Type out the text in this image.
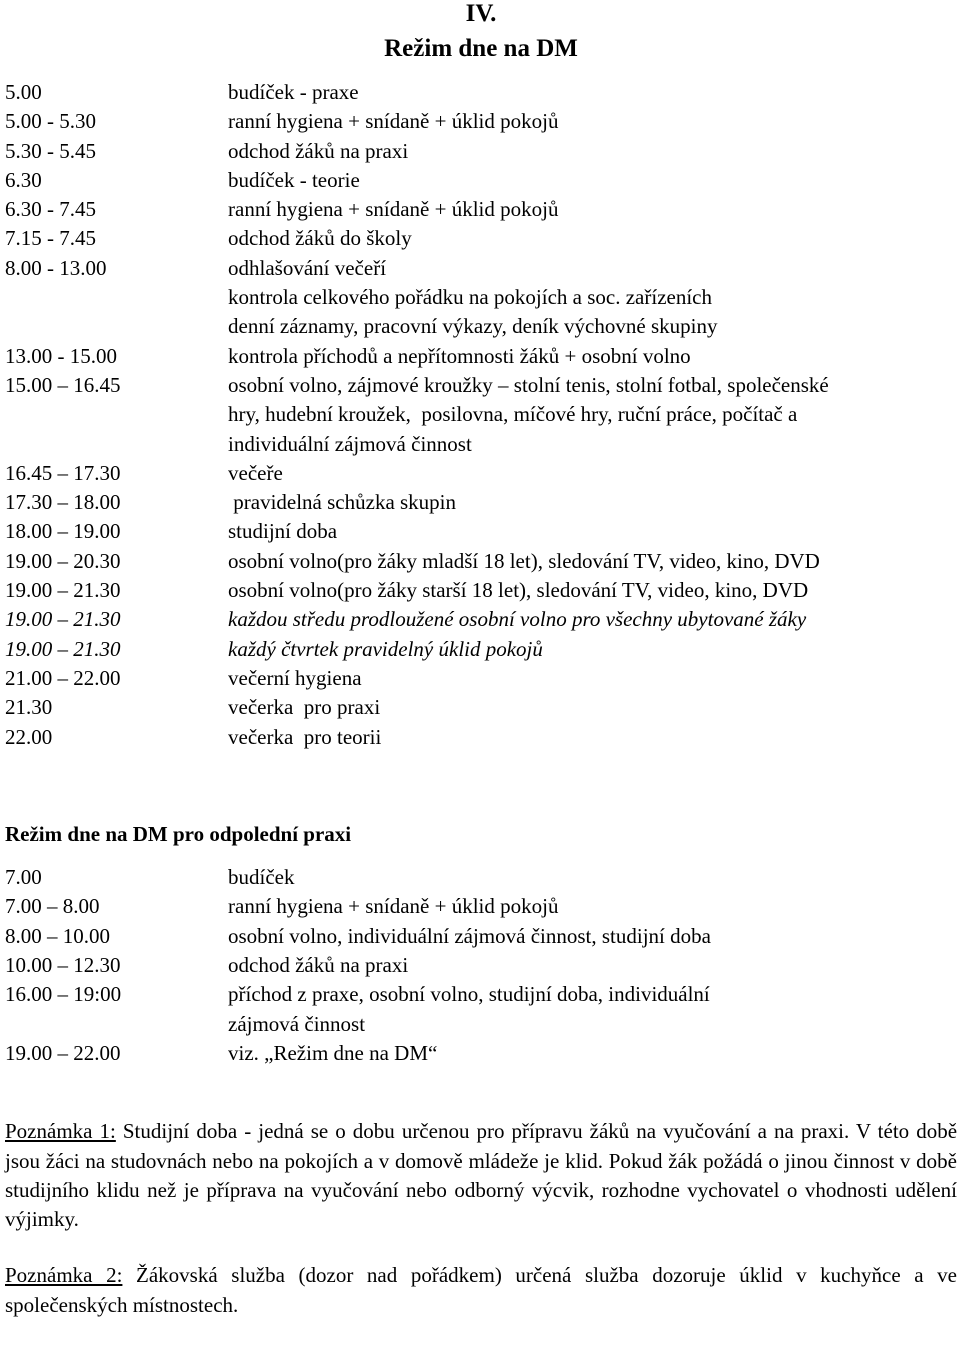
IV.
Režim dne na DM
5.00	budíček - praxe
5.00 - 5.30	ranní hygiena + snídaně + úklid pokojů
5.30 - 5.45	odchod žáků na praxi
6.30	budíček - teorie
6.30 - 7.45	ranní hygiena + snídaně + úklid pokojů
7.15 - 7.45	odchod žáků do školy
8.00 - 13.00	odhlašování večeří
kontrola celkového pořádku na pokojích a soc. zařízeních
denní záznamy, pracovní výkazy, deník výchovné skupiny
13.00 - 15.00	kontrola příchodů a nepřítomnosti žáků + osobní volno
15.00 – 16.45	osobní volno, zájmové kroužky – stolní tenis, stolní fotbal, společenské
hry, hudební kroužek,  posilovna, míčové hry, ruční práce, počítač a
individuální zájmová činnost
16.45 – 17.30	večeře
17.30 – 18.00	pravidelná schůzka skupin
18.00 – 19.00	studijní doba
19.00 – 20.30	osobní volno(pro žáky mladší 18 let), sledování TV, video, kino, DVD
19.00 – 21.30	osobní volno(pro žáky starší 18 let), sledování TV, video, kino, DVD
19.00 – 21.30	každou středu prodloužené osobní volno pro všechny ubytované žáky
19.00 – 21.30	každý čtvrtek pravidelný úklid pokojů
21.00 – 22.00	večerní hygiena
21.30	večerka  pro praxi
22.00	večerka  pro teorii
Režim dne na DM pro odpolední praxi
7.00	budíček
7.00 – 8.00	ranní hygiena + snídaně + úklid pokojů
8.00 – 10.00	osobní volno, individuální zájmová činnost, studijní doba
10.00 – 12.30	odchod žáků na praxi
16.00 – 19:00	příchod z praxe, osobní volno, studijní doba, individuální
zájmová činnost
19.00 – 22.00	viz. „Režim dne na DM“
Poznámka 1: Studijní doba - jedná se o dobu určenou pro přípravu žáků na vyučování a na praxi. V této době jsou žáci na studovnách nebo na pokojích a v domově mládeže je klid. Pokud žák požádá o jinou činnost v době studijního klidu než je příprava na vyučování nebo odborný výcvik, rozhodne vychovatel o vhodnosti udělení výjimky.
Poznámka 2: Žákovská služba (dozor nad pořádkem) určená služba dozoruje úklid v kuchyňce a ve společenských místnostech.
